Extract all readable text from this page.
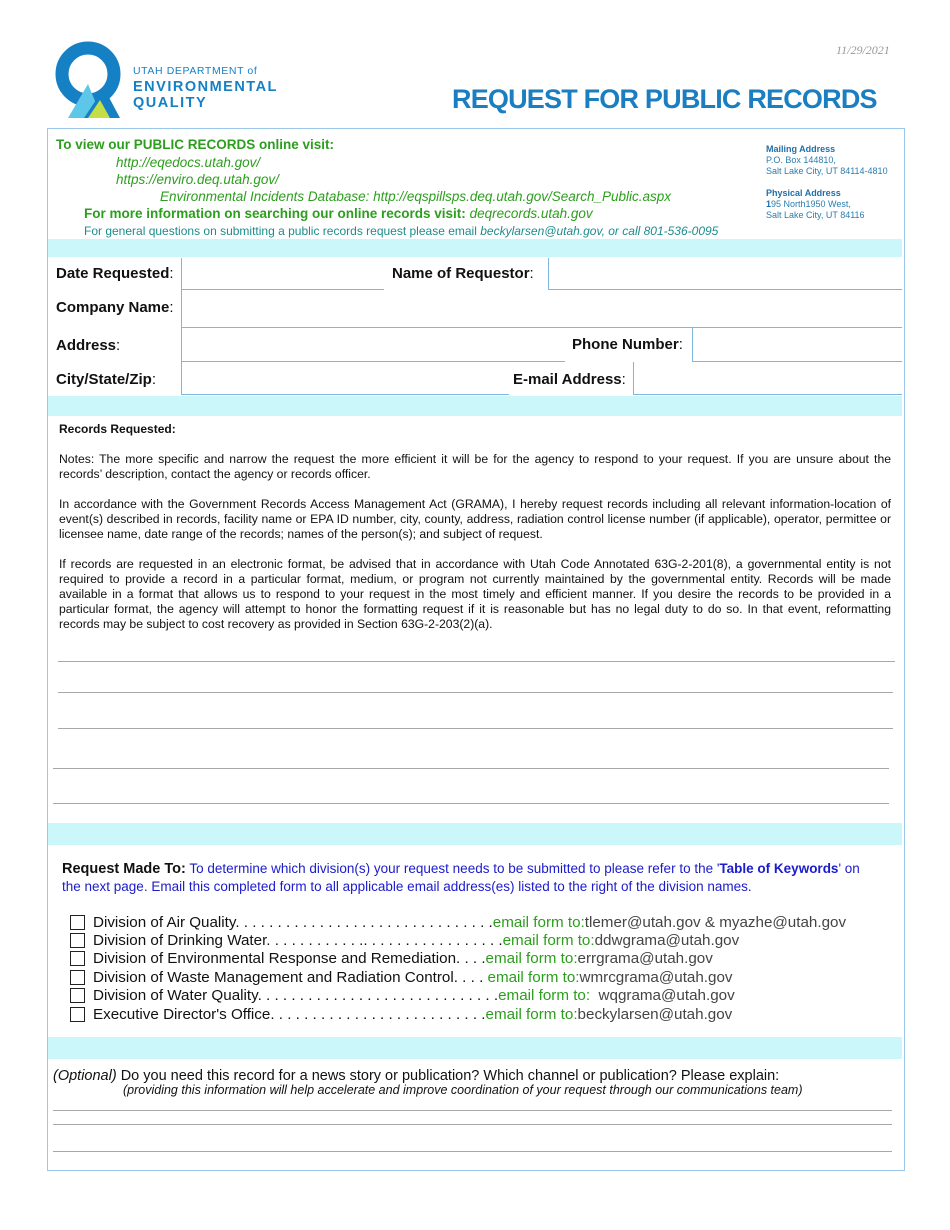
11/29/2021
UTAH DEPARTMENT of
ENVIRONMENTAL
QUALITY	REQUEST FOR PUBLIC RECORDS
To view our PUBLIC RECORDS online visit:
http://eqedocs.utah.gov/
https://enviro.deq.utah.gov/
Environmental Incidents Database: http://eqspillsps.deq.utah.gov/Search_Public.aspx
For more information on searching our online records visit: deqrecords.utah.gov
For general questions on submitting a public records request please email beckylarsen@utah.gov, or call 801-536-0095
Mailing Address
P.O. Box 144810,
Salt Lake City, UT 84114-4810
Physical Address
195 North1950 West,
Salt Lake City, UT 84116
Date Requested:	Name of Requestor:
Company Name:
Address:	Phone Number:
City/State/Zip:	E-mail Address:
Records Requested:
Notes: The more specific and narrow the request the more efficient it will be for the agency to respond to your request. If you are unsure about the records’ description, contact the agency or records officer.
In accordance with the Government Records Access Management Act (GRAMA), I hereby request records including all relevant information-location of event(s) described in records, facility name or EPA ID number, city, county, address, radiation control license number (if applicable), operator, permittee or licensee name, date range of the records; names of the person(s); and subject of request.
If records are requested in an electronic format, be advised that in accordance with Utah Code Annotated 63G-2-201(8), a governmental entity is not required to provide a record in a particular format, medium, or program not currently maintained by the governmental entity. Records will be made available in a format that allows us to respond to your request in the most timely and efficient manner. If you desire the records to be provided in a particular format, the agency will attempt to honor the formatting request if it is reasonable but has no legal duty to do so. In that event, reformatting records may be subject to cost recovery as provided in Section 63G-2-203(2)(a).
Request Made To: To determine which division(s) your request needs to be submitted to please refer to the 'Table of Keywords' on the next page. Email this completed form to all applicable email address(es) listed to the right of the division names.
Division of Air Quality. . . . . . . . . . . . . . . . . . . . . . . . . . . . . . . email form to: tlemer@utah.gov & myazhe@utah.gov
Division of Drinking Water. . . . . . . . . . . .. . . . . . . . . . . . . . . . . email form to: ddwgrama@utah.gov
Division of Environmental Response and Remediation. . . . email form to: errgrama@utah.gov
Division of Waste Management and Radiation Control. . . . email form to: wmrcgrama@utah.gov
Division of Water Quality. . . . . . . . . . . . . . . . . . . . . . . . . . . . . email form to: wqgrama@utah.gov
Executive Director's Office. . . . . . . . . . . . . . . . . . . . . . . . . . email form to: beckylarsen@utah.gov
(Optional) Do you need this record for a news story or publication? Which channel or publication? Please explain:
(providing this information will help accelerate and improve coordination of your request through our communications team)
